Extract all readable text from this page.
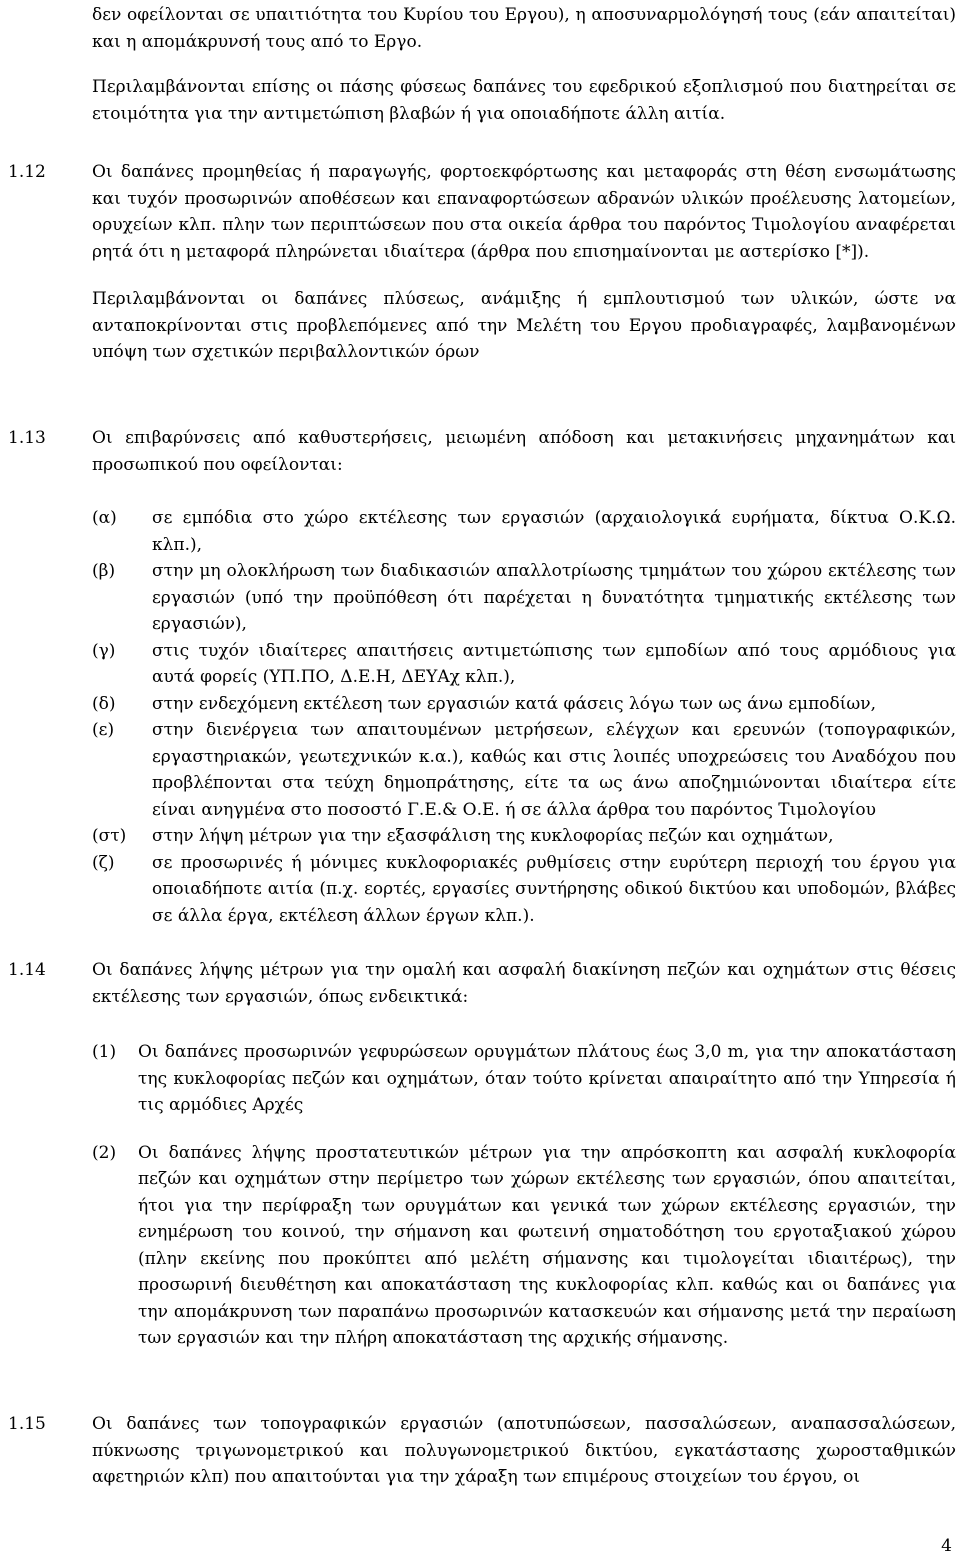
δεν οφείλονται σε υπαιτιότητα του Κυρίου του Εργου), η αποσυναρμολόγησή τους (εάν απαιτείται) και η απομάκρυνσή τους από το Εργο.

Περιλαμβάνονται επίσης οι πάσης φύσεως δαπάνες του εφεδρικού εξοπλισμού που διατηρείται σε ετοιμότητα για την αντιμετώπιση βλαβών ή για οποιαδήποτε άλλη αιτία.

1.12	Οι δαπάνες προμηθείας ή παραγωγής, φορτοεκφόρτωσης και μεταφοράς στη θέση ενσωμάτωσης και τυχόν προσωρινών αποθέσεων και επαναφορτώσεων αδρανών υλικών προέλευσης λατομείων, ορυχείων κλπ. πλην των περιπτώσεων που στα οικεία άρθρα του παρόντος Τιμολογίου αναφέρεται ρητά ότι η μεταφορά πληρώνεται ιδιαίτερα (άρθρα που επισημαίνονται με αστερίσκο [*]).

Περιλαμβάνονται οι δαπάνες πλύσεως, ανάμιξης ή εμπλουτισμού των υλικών, ώστε να ανταποκρίνονται στις προβλεπόμενες από την Μελέτη του Εργου προδιαγραφές, λαμβανομένων υπόψη των σχετικών περιβαλλοντικών όρων

1.13	Οι επιβαρύνσεις από καθυστερήσεις, μειωμένη απόδοση και μετακινήσεις μηχανημάτων και προσωπικού που οφείλονται:

(α) σε εμπόδια στο χώρο εκτέλεσης των εργασιών (αρχαιολογικά ευρήματα, δίκτυα Ο.Κ.Ω. κλπ.),

(β) στην μη ολοκλήρωση των διαδικασιών απαλλοτρίωσης τμημάτων του χώρου εκτέλεσης των εργασιών (υπό την προϋπόθεση ότι παρέχεται η δυνατότητα τμηματικής εκτέλεσης των εργασιών),

(γ) στις τυχόν ιδιαίτερες απαιτήσεις αντιμετώπισης των εμποδίων από τους αρμόδιους για αυτά φορείς (ΥΠ.ΠΟ, Δ.Ε.Η, ΔΕΥΑχ κλπ.),

(δ) στην ενδεχόμενη εκτέλεση των εργασιών κατά φάσεις λόγω των ως άνω εμποδίων,

(ε) στην διενέργεια των απαιτουμένων μετρήσεων, ελέγχων και ερευνών (τοπογραφικών, εργαστηριακών, γεωτεχνικών κ.α.), καθώς και στις λοιπές υποχρεώσεις του Αναδόχου που προβλέπονται στα τεύχη δημοπράτησης, είτε τα ως άνω αποζημιώνονται ιδιαίτερα είτε είναι ανηγμένα στο ποσοστό Γ.Ε.& Ο.Ε. ή σε άλλα άρθρα του παρόντος Τιμολογίου

(στ) στην λήψη μέτρων για την εξασφάλιση της κυκλοφορίας πεζών και οχημάτων,

(ζ) σε προσωρινές ή μόνιμες κυκλοφοριακές ρυθμίσεις στην ευρύτερη περιοχή του έργου για οποιαδήποτε αιτία (π.χ. εορτές, εργασίες συντήρησης οδικού δικτύου και υποδομών, βλάβες σε άλλα έργα, εκτέλεση άλλων έργων κλπ.).

1.14	Οι δαπάνες λήψης μέτρων για την ομαλή και ασφαλή διακίνηση πεζών και οχημάτων στις θέσεις εκτέλεσης των εργασιών, όπως ενδεικτικά:

(1) Οι δαπάνες προσωρινών γεφυρώσεων ορυγμάτων πλάτους έως 3,0 m, για την αποκατάσταση της κυκλοφορίας πεζών και οχημάτων, όταν τούτο κρίνεται απαιραίτητο από την Υπηρεσία ή τις αρμόδιες Αρχές

(2) Οι δαπάνες λήψης προστατευτικών μέτρων για την απρόσκοπτη και ασφαλή κυκλοφορία πεζών και οχημάτων στην περίμετρο των χώρων εκτέλεσης των εργασιών, όπου απαιτείται, ήτοι για την περίφραξη των ορυγμάτων και γενικά των χώρων εκτέλεσης εργασιών, την ενημέρωση του κοινού, την σήμανση και φωτεινή σηματοδότηση του εργοταξιακού χώρου (πλην εκείνης που προκύπτει από μελέτη σήμανσης και τιμολογείται ιδιαιτέρως), την προσωρινή διευθέτηση και αποκατάσταση της κυκλοφορίας κλπ. καθώς και οι δαπάνες για την απομάκρυνση των παραπάνω προσωρινών κατασκευών και σήμανσης μετά την περαίωση των εργασιών και την πλήρη αποκατάσταση της αρχικής σήμανσης.

1.15	Οι δαπάνες των τοπογραφικών εργασιών (αποτυπώσεων, πασσαλώσεων, αναπασσαλώσεων, πύκνωσης τριγωνομετρικού και πολυγωνομετρικού δικτύου, εγκατάστασης χωροσταθμικών αφετηριών κλπ) που απαιτούνται για την χάραξη των επιμέρους στοιχείων του έργου, οι

4
